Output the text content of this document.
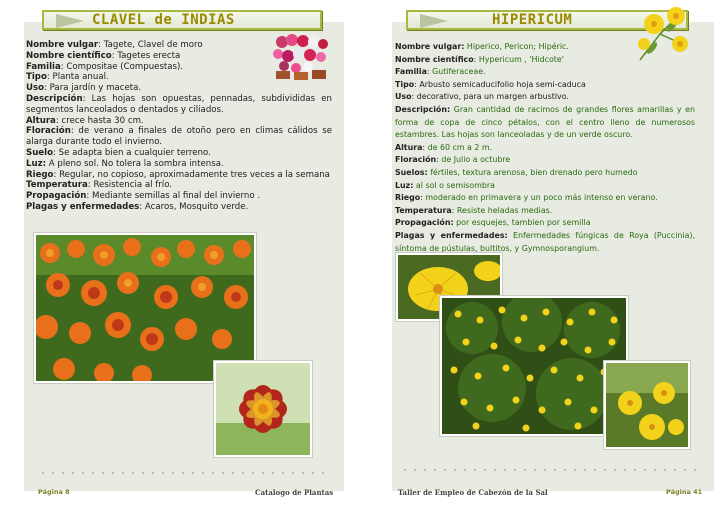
CLAVEL de INDIAS
Nombre vulgar: Tagete, Clavel de moro
Nombre científico: Tagetes erecta
Familia: Compositae (Compuestas).
Tipo: Planta anual.
Uso: Para jardín y maceta.
Descripción: Las hojas son opuestas, pennadas, subdivididas en segmentos lanceolados o dentados y ciliados.
Altura: crece hasta 30 cm.
Floración: de verano a finales de otoño pero en climas cálidos se alarga durante todo el invierno.
Suelo: Se adapta bien a cualquier terreno.
Luz: A pleno sol. No tolera la sombra intensa.
Riego: Regular, no copioso, aproximadamente tres veces a la semana
Temperatura: Resistencia al frío.
Propagación: Mediante semillas al final del invierno .
Plagas y enfermedades: Acaros, Mosquito verde.
Página 8	Catalogo de Plantas
HIPERICUM
Nombre vulgar: Hiperico, Pericon; Hipéric.
Nombre científico: Hypericum , 'Hidcote'
Familia: Gutiferaceae.
Tipo: Arbusto semicaducifolio hoja semi-caduca
Uso: decorativo, para un margen arbustivo.
Descripción: Gran cantidad de racimos de grandes flores amarillas y en forma de copa de cinco pétalos, con el centro lleno de numerosos estambres. Las hojas son lanceoladas y de un verde oscuro.
Altura: de 60 cm a 2 m.
Floración: de Julio a octubre
Suelos: fértiles, textura arenosa, bien drenado pero humedo
Luz: al sol o semisombra
Riego: moderado en primavera y un poco más intenso en verano.
Temperatura: Resiste heladas medias.
Propagación: por esquejes, tambien por semilla
Plagas y enfermedades: Enfermedades fúngicas de Roya (Puccinia), síntoma de pústulas, bultitos, y Gymnosporangium.
Taller de Empleo de Cabezón de la Sal	Página 41
